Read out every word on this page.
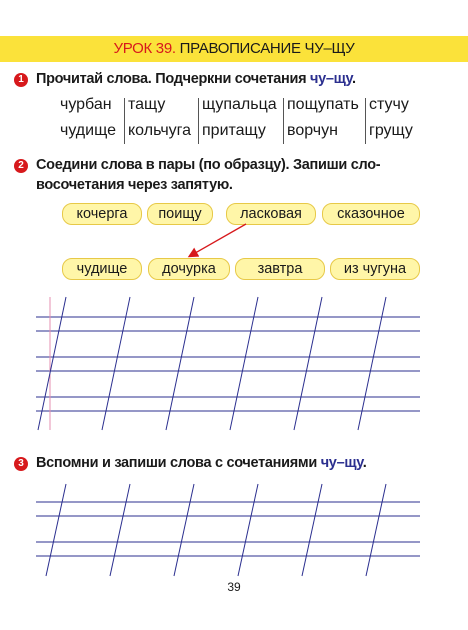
УРОК 39. ПРАВОПИСАНИЕ ЧУ–ЩУ
1 Прочитай слова. Подчеркни сочетания чу–щу.
чурбан тащу щупальца пощупать стучу
чудище кольчуга притащу ворчун грущу
2 Соедини слова в пары (по образцу). Запиши сло-
восочетания через запятую.
кочерга	поищу	ласковая	сказочное
чудище	дочурка	завтра	из чугуна
3 Вспомни и запиши слова с сочетаниями чу–щу.
39
